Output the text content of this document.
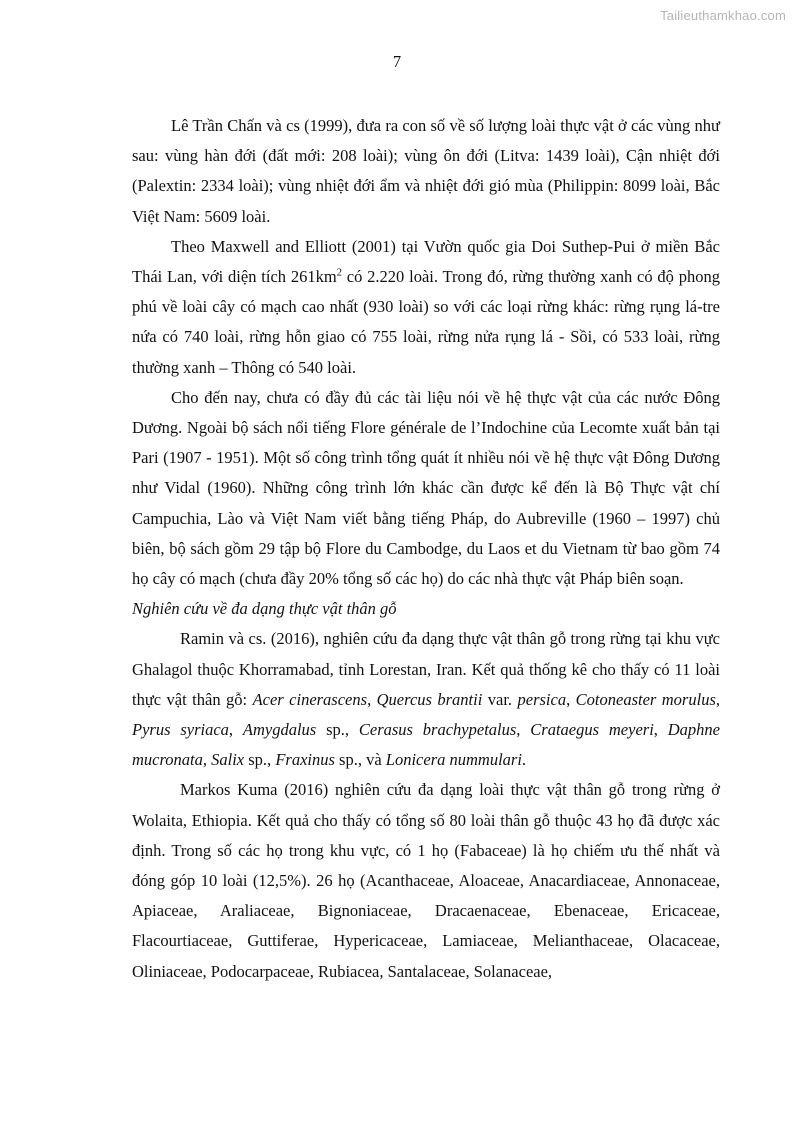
Tailieuthamkhao.com
7

Lê Trần Chấn và cs (1999), đưa ra con số về số lượng loài thực vật ở các vùng như sau: vùng hàn đới (đất mới: 208 loài); vùng ôn đới (Litva: 1439 loài), Cận nhiệt đới (Palextin: 2334 loài); vùng nhiệt đới ẩm và nhiệt đới gió mùa (Philippin: 8099 loài, Bắc Việt Nam: 5609 loài.

Theo Maxwell and Elliott (2001) tại Vườn quốc gia Doi Suthep-Pui ở miền Bắc Thái Lan, với diện tích $261km^2$ có 2.220 loài. Trong đó, rừng thường xanh có độ phong phú về loài cây có mạch cao nhất (930 loài) so với các loại rừng khác: rừng rụng lá-tre nứa có 740 loài, rừng hỗn giao có 755 loài, rừng nửa rụng lá - Sồi, có 533 loài, rừng thường xanh – Thông có 540 loài.

Cho đến nay, chưa có đầy đủ các tài liệu nói về hệ thực vật của các nước Đông Dương. Ngoài bộ sách nổi tiếng Flore générale de l’Indochine của Lecomte xuất bản tại Pari (1907 - 1951). Một số công trình tổng quát ít nhiều nói về hệ thực vật Đông Dương như Vidal (1960). Những công trình lớn khác cần được kể đến là Bộ Thực vật chí Campuchia, Lào và Việt Nam viết bằng tiếng Pháp, do Aubreville (1960 – 1997) chủ biên, bộ sách gồm 29 tập bộ Flore du Cambodge, du Laos et du Vietnam từ bao gồm 74 họ cây có mạch (chưa đầy 20% tổng số các họ) do các nhà thực vật Pháp biên soạn.

Nghiên cứu về đa dạng thực vật thân gỗ

Ramin và cs. (2016), nghiên cứu đa dạng thực vật thân gỗ trong rừng tại khu vực Ghalagol thuộc Khorramabad, tỉnh Lorestan, Iran. Kết quả thống kê cho thấy có 11 loài thực vật thân gỗ: Acer cinerascens, Quercus brantii var. persica, Cotoneaster morulus, Pyrus syriaca, Amygdalus sp., Cerasus brachypetalus, Crataegus meyeri, Daphne mucronata, Salix sp., Fraxinus sp., và Lonicera nummulari.

Markos Kuma (2016) nghiên cứu đa dạng loài thực vật thân gỗ trong rừng ở Wolaita, Ethiopia. Kết quả cho thấy có tổng số 80 loài thân gỗ thuộc 43 họ đã được xác định. Trong số các họ trong khu vực, có 1 họ (Fabaceae) là họ chiếm ưu thế nhất và đóng góp 10 loài (12,5%). 26 họ (Acanthaceae, Aloaceae, Anacardiaceae, Annonaceae, Apiaceae, Araliaceae, Bignoniaceae, Dracaenaceae, Ebenaceae, Ericaceae, Flacourtiaceae, Guttiferae, Hypericaceae, Lamiaceae, Melianthaceae, Olacaceae, Oliniaceae, Podocarpaceae, Rubiacea, Santalaceae, Solanaceae,
